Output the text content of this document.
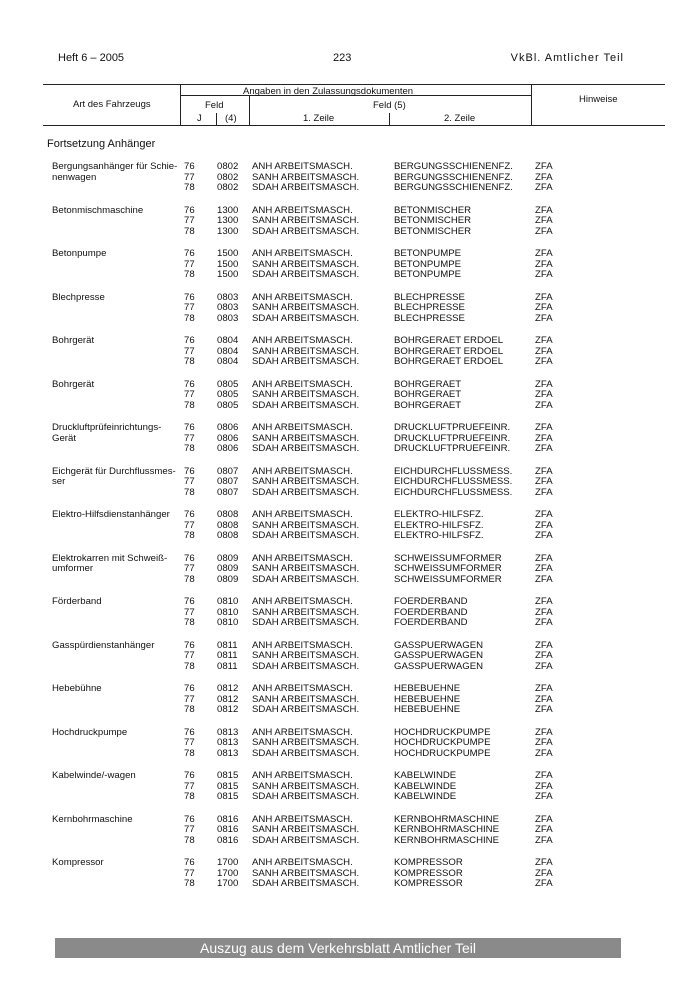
Heft 6 – 2005	223	VkBl. Amtlicher Teil
Art des Fahrzeugs
Angaben in den Zulassungsdokumenten
Feld	Feld (5)
J (4)	1. Zeile	2. Zeile
Hinweise
Fortsetzung Anhänger
Bergungsanhänger für Schie-
nenwagen
76 0802 ANH ARBEITSMASCH.	BERGUNGSSCHIENENFZ. ZFA
77 0802 SANH ARBEITSMASCH.	BERGUNGSSCHIENENFZ. ZFA
78 0802 SDAH ARBEITSMASCH.	BERGUNGSSCHIENENFZ. ZFA
Betonmischmaschine	76 1300 ANH ARBEITSMASCH.	BETONMISCHER	ZFA
77 1300 SANH ARBEITSMASCH.	BETONMISCHER	ZFA
78 1300 SDAH ARBEITSMASCH.	BETONMISCHER	ZFA
Betonpumpe	76 1500 ANH ARBEITSMASCH.	BETONPUMPE	ZFA
77 1500 SANH ARBEITSMASCH.	BETONPUMPE	ZFA
78 1500 SDAH ARBEITSMASCH.	BETONPUMPE	ZFA
Blechpresse	76 0803 ANH ARBEITSMASCH.	BLECHPRESSE	ZFA
77 0803 SANH ARBEITSMASCH.	BLECHPRESSE	ZFA
78 0803 SDAH ARBEITSMASCH.	BLECHPRESSE	ZFA
Bohrgerät	76 0804 ANH ARBEITSMASCH.	BOHRGERAET ERDOEL	ZFA
77 0804 SANH ARBEITSMASCH.	BOHRGERAET ERDOEL	ZFA
78 0804 SDAH ARBEITSMASCH.	BOHRGERAET ERDOEL	ZFA
Bohrgerät	76 0805 ANH ARBEITSMASCH.	BOHRGERAET	ZFA
77 0805 SANH ARBEITSMASCH.	BOHRGERAET	ZFA
78 0805 SDAH ARBEITSMASCH.	BOHRGERAET	ZFA
Druckluftprüfeinrichtungs-
Gerät
76 0806 ANH ARBEITSMASCH.	DRUCKLUFTPRUEFEINR.	ZFA
77 0806 SANH ARBEITSMASCH.	DRUCKLUFTPRUEFEINR.	ZFA
78 0806 SDAH ARBEITSMASCH.	DRUCKLUFTPRUEFEINR.	ZFA
Eichgerät für Durchflussmes-
ser
76 0807 ANH ARBEITSMASCH.	EICHDURCHFLUSSMESS. ZFA
77 0807 SANH ARBEITSMASCH.	EICHDURCHFLUSSMESS. ZFA
78 0807 SDAH ARBEITSMASCH.	EICHDURCHFLUSSMESS. ZFA
Elektro-Hilfsdienstanhänger	76 0808 ANH ARBEITSMASCH.	ELEKTRO-HILFSFZ.	ZFA
77 0808 SANH ARBEITSMASCH.	ELEKTRO-HILFSFZ.	ZFA
78 0808 SDAH ARBEITSMASCH.	ELEKTRO-HILFSFZ.	ZFA
Elektrokarren mit Schweiß-
umformer
76 0809 ANH ARBEITSMASCH.	SCHWEISSUMFORMER	ZFA
77 0809 SANH ARBEITSMASCH.	SCHWEISSUMFORMER	ZFA
78 0809 SDAH ARBEITSMASCH.	SCHWEISSUMFORMER	ZFA
Förderband	76 0810 ANH ARBEITSMASCH.	FOERDERBAND	ZFA
77 0810 SANH ARBEITSMASCH.	FOERDERBAND	ZFA
78 0810 SDAH ARBEITSMASCH.	FOERDERBAND	ZFA
Gasspürdienstanhänger	76 0811 ANH ARBEITSMASCH.	GASSPUERWAGEN	ZFA
77 0811 SANH ARBEITSMASCH.	GASSPUERWAGEN	ZFA
78 0811 SDAH ARBEITSMASCH.	GASSPUERWAGEN	ZFA
Hebebühne	76 0812 ANH ARBEITSMASCH.	HEBEBUEHNE	ZFA
77 0812 SANH ARBEITSMASCH.	HEBEBUEHNE	ZFA
78 0812 SDAH ARBEITSMASCH.	HEBEBUEHNE	ZFA
Hochdruckpumpe	76 0813 ANH ARBEITSMASCH.	HOCHDRUCKPUMPE	ZFA
77 0813 SANH ARBEITSMASCH.	HOCHDRUCKPUMPE	ZFA
78 0813 SDAH ARBEITSMASCH.	HOCHDRUCKPUMPE	ZFA
Kabelwinde/-wagen	76 0815 ANH ARBEITSMASCH.	KABELWINDE	ZFA
77 0815 SANH ARBEITSMASCH.	KABELWINDE	ZFA
78 0815 SDAH ARBEITSMASCH.	KABELWINDE	ZFA
Kernbohrmaschine	76 0816 ANH ARBEITSMASCH.	KERNBOHRMASCHINE	ZFA
77 0816 SANH ARBEITSMASCH.	KERNBOHRMASCHINE	ZFA
78 0816 SDAH ARBEITSMASCH.	KERNBOHRMASCHINE	ZFA
Kompressor	76 1700 ANH ARBEITSMASCH.	KOMPRESSOR	ZFA
77 1700 SANH ARBEITSMASCH.	KOMPRESSOR	ZFA
78 1700 SDAH ARBEITSMASCH.	KOMPRESSOR	ZFA
Auszug aus dem Verkehrsblatt Amtlicher Teil
